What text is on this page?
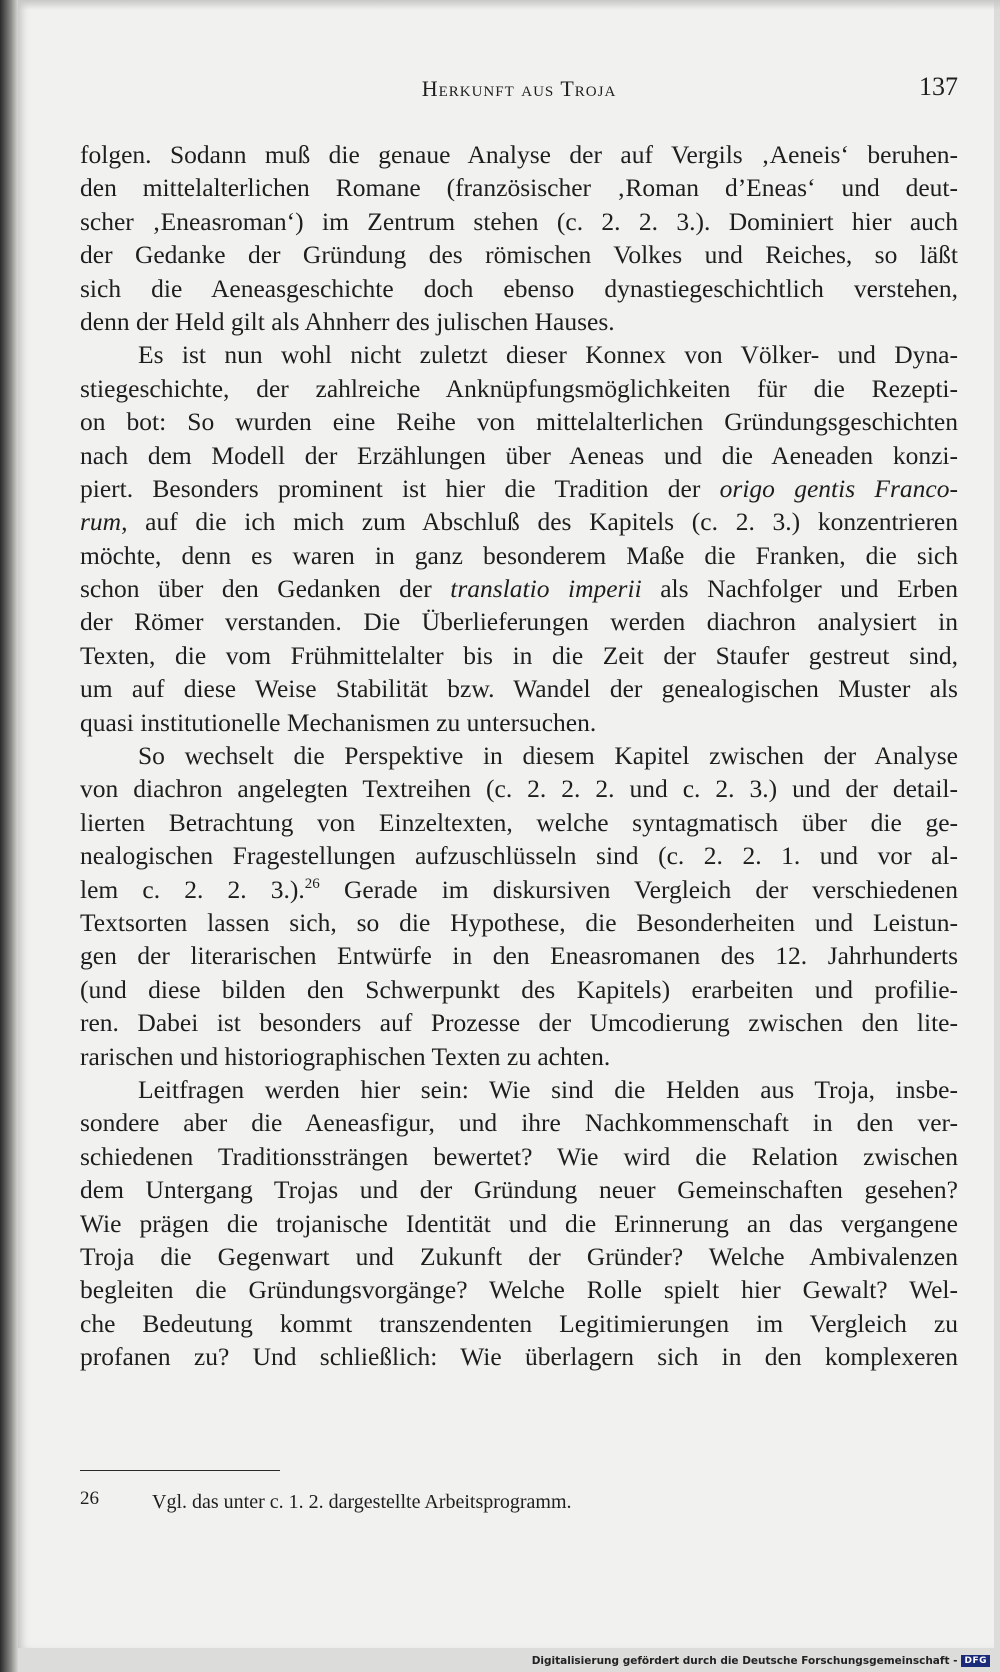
Herkunft aus Troja	137
folgen. Sodann muß die genaue Analyse der auf Vergils ‚Aeneis‘ beruhen-
den mittelalterlichen Romane (französischer ‚Roman d’Eneas‘ und deut-
scher ‚Eneasroman‘) im Zentrum stehen (c. 2. 2. 3.). Dominiert hier auch
der Gedanke der Gründung des römischen Volkes und Reiches, so läßt
sich die Aeneasgeschichte doch ebenso dynastiegeschichtlich verstehen,
denn der Held gilt als Ahnherr des julischen Hauses.
Es ist nun wohl nicht zuletzt dieser Konnex von Völker- und Dyna-
stiegeschichte, der zahlreiche Anknüpfungsmöglichkeiten für die Rezepti-
on bot: So wurden eine Reihe von mittelalterlichen Gründungsgeschichten
nach dem Modell der Erzählungen über Aeneas und die Aeneaden konzi-
piert. Besonders prominent ist hier die Tradition der origo gentis Franco-
rum, auf die ich mich zum Abschluß des Kapitels (c. 2. 3.) konzentrieren
möchte, denn es waren in ganz besonderem Maße die Franken, die sich
schon über den Gedanken der translatio imperii als Nachfolger und Erben
der Römer verstanden. Die Überlieferungen werden diachron analysiert in
Texten, die vom Frühmittelalter bis in die Zeit der Staufer gestreut sind,
um auf diese Weise Stabilität bzw. Wandel der genealogischen Muster als
quasi institutionelle Mechanismen zu untersuchen.
So wechselt die Perspektive in diesem Kapitel zwischen der Analyse
von diachron angelegten Textreihen (c. 2. 2. 2. und c. 2. 3.) und der detail-
lierten Betrachtung von Einzeltexten, welche syntagmatisch über die ge-
nealogischen Fragestellungen aufzuschlüsseln sind (c. 2. 2. 1. und vor al-
lem c. 2. 2. 3.).$^{26}$ Gerade im diskursiven Vergleich der verschiedenen
Textsorten lassen sich, so die Hypothese, die Besonderheiten und Leistun-
gen der literarischen Entwürfe in den Eneasromanen des 12. Jahrhunderts
(und diese bilden den Schwerpunkt des Kapitels) erarbeiten und profilie-
ren. Dabei ist besonders auf Prozesse der Umcodierung zwischen den lite-
rarischen und historiographischen Texten zu achten.
Leitfragen werden hier sein: Wie sind die Helden aus Troja, insbe-
sondere aber die Aeneasfigur, und ihre Nachkommenschaft in den ver-
schiedenen Traditionssträngen bewertet? Wie wird die Relation zwischen
dem Untergang Trojas und der Gründung neuer Gemeinschaften gesehen?
Wie prägen die trojanische Identität und die Erinnerung an das vergangene
Troja die Gegenwart und Zukunft der Gründer? Welche Ambivalenzen
begleiten die Gründungsvorgänge? Welche Rolle spielt hier Gewalt? Wel-
che Bedeutung kommt transzendenten Legitimierungen im Vergleich zu
profanen zu? Und schließlich: Wie überlagern sich in den komplexeren
26	Vgl. das unter c. 1. 2. dargestellte Arbeitsprogramm.
Digitalisierung gefördert durch die Deutsche Forschungsgemeinschaft - DFG
